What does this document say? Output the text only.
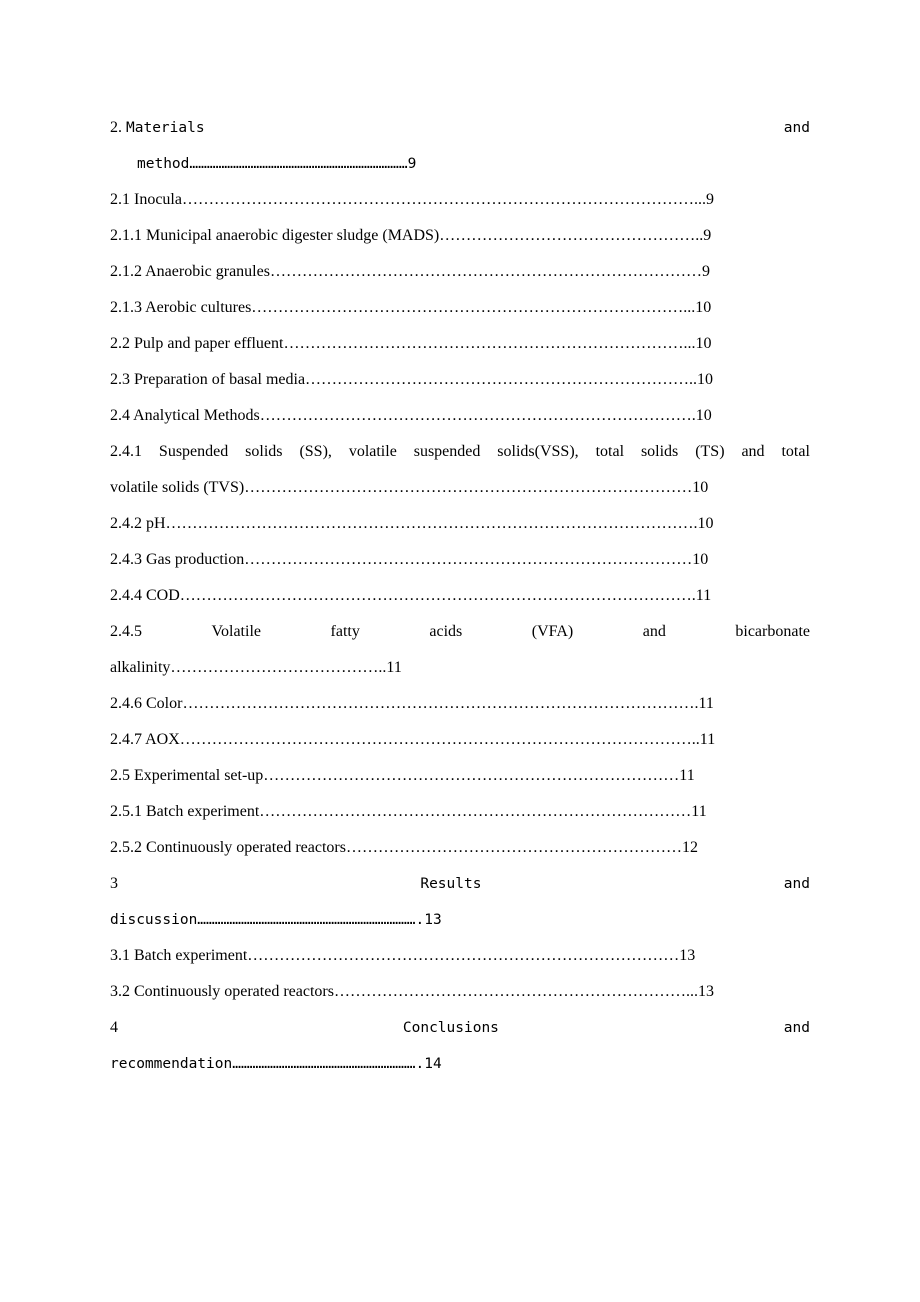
2. Materials	and
method…………………………………………………………………9
2.1 Inocula……………………………………………………………………………………...9
2.1.1 Municipal anaerobic digester sludge (MADS)…………………………………………..9
2.1.2 Anaerobic granules………………………………………………………………………9
2.1.3 Aerobic cultures………………………………………………………………………...10
2.2 Pulp and paper effluent…………………………………………………………………...10
2.3 Preparation of basal media………………………………………………………………..10
2.4 Analytical Methods……………………………………………………………………….10
2.4.1 Suspended solids (SS), volatile suspended solids(VSS), total solids (TS) and total
volatile solids (TVS)…………………………………………………………………………10
2.4.2 pH……………………………………………………………………………………….10
2.4.3 Gas production…………………………………………………………………………10
2.4.4 COD…………………………………………………………………………………….11
2.4.5	Volatile	fatty	acids	(VFA)	and	bicarbonate
alkalinity…………………………………..11
2.4.6 Color…………………………………………………………………………………….11
2.4.7 AOX……………………………………………………………………………………..11
2.5 Experimental set-up……………………………………………………………………11
2.5.1 Batch experiment………………………………………………………………………11
2.5.2 Continuously operated reactors………………………………………………………12
3	Results	and
discussion………………………………………………………………….13
3.1 Batch experiment………………………………………………………………………13
3.2 Continuously operated reactors…………………………………………………………...13
4	Conclusions	and
recommendation……………………………………………………….14
